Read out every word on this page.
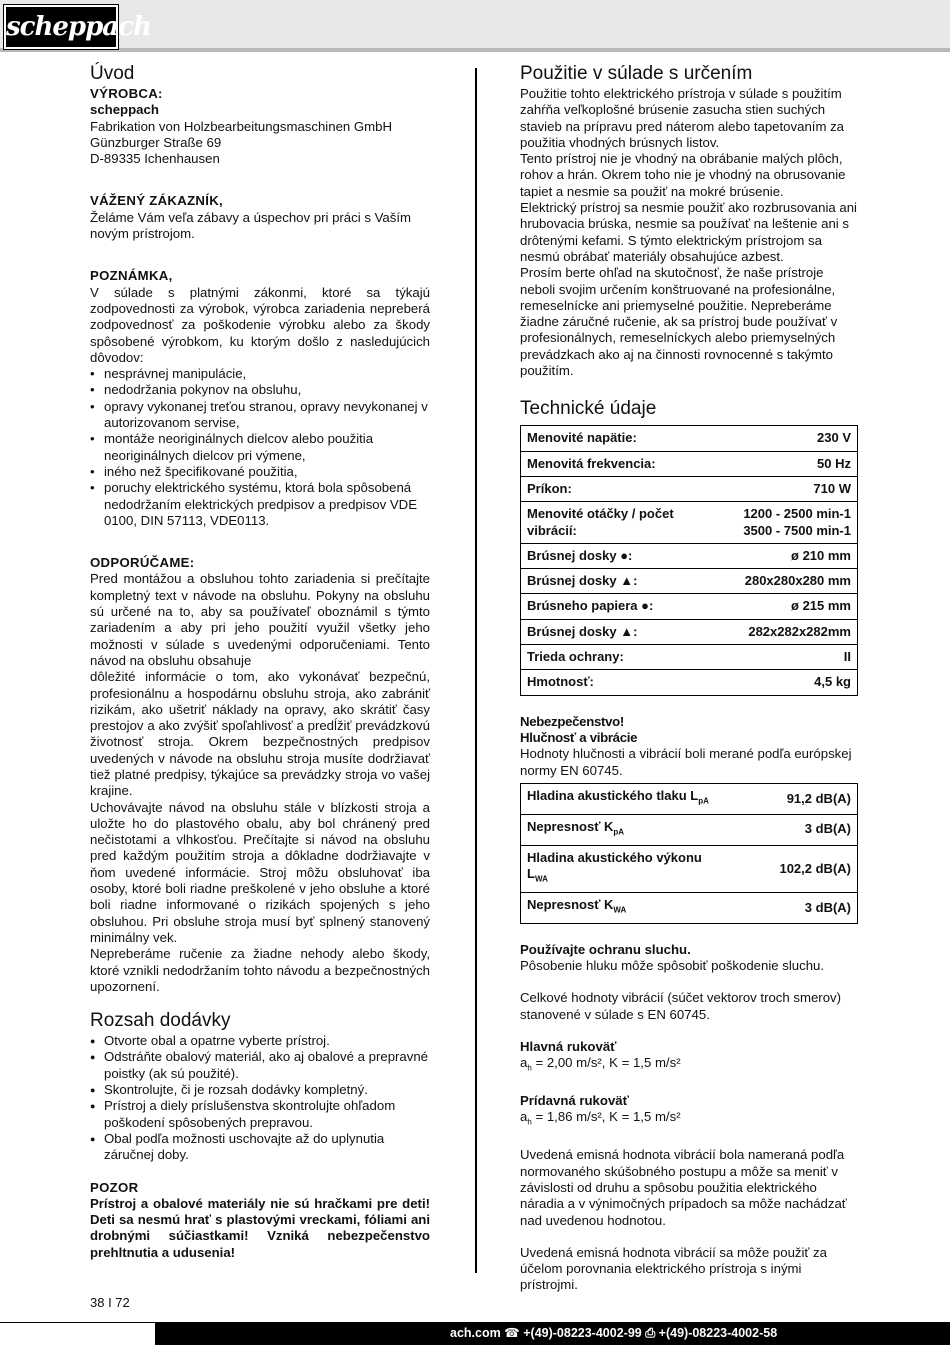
scheppach
Úvod
VÝROBCA:
scheppach
Fabrikation von Holzbearbeitungsmaschinen GmbH
Günzburger Straße 69
D-89335 Ichenhausen
VÁŽENÝ ZÁKAZNÍK,
Želáme Vám veľa zábavy a úspechov pri práci s Vaším novým prístrojom.
POZNÁMKA,
V súlade s platnými zákonmi, ktoré sa týkajú zodpovednosti za výrobok, výrobca zariadenia nepreberá zodpovednosť za poškodenie výrobku alebo za škody spôsobené výrobkom, ku ktorým došlo z nasledujúcich dôvodov:
• nesprávnej manipulácie,
• nedodržania pokynov na obsluhu,
• opravy vykonanej treťou stranou, opravy nevykonanej v autorizovanom servise,
• montáže neoriginálnych dielcov alebo použitia neoriginálnych dielcov pri výmene,
• iného než špecifikované použitia,
• poruchy elektrického systému, ktorá bola spôsobená nedodržaním elektrických predpisov a predpisov VDE 0100, DIN 57113, VDE0113.
ODPORÚČAME:
Pred montážou a obsluhou tohto zariadenia si prečítajte kompletný text v návode na obsluhu. Pokyny na obsluhu sú určené na to, aby sa používateľ oboznámil s týmto zariadením a aby pri jeho použití využil všetky jeho možnosti v súlade s uvedenými odporučeniami. Tento návod na obsluhu obsahuje
dôležité informácie o tom, ako vykonávať bezpečnú, profesionálnu a hospodárnu obsluhu stroja, ako zabrániť rizikám, ako ušetriť náklady na opravy, ako skrátiť časy prestojov a ako zvýšiť spoľahlivosť a predĺžiť prevádzkovú životnosť stroja. Okrem bezpečnostných predpisov uvedených v návode na obsluhu stroja musíte dodržiavať tiež platné predpisy, týkajúce sa prevádzky stroja vo vašej krajine.
Uchovávajte návod na obsluhu stále v blízkosti stroja a uložte ho do plastového obalu, aby bol chránený pred nečistotami a vlhkosťou. Prečítajte si návod na obsluhu pred každým použitím stroja a dôkladne dodržiavajte v ňom uvedené informácie. Stroj môžu obsluhovať iba osoby, ktoré boli riadne preškolené v jeho obsluhe a ktoré boli riadne informované o rizikách spojených s jeho obsluhou. Pri obsluhe stroja musí byť splnený stanovený minimálny vek.
Nepreberáme ručenie za žiadne nehody alebo škody, ktoré vznikli nedodržaním tohto návodu a bezpečnostných upozornení.
Rozsah dodávky
● Otvorte obal a opatrne vyberte prístroj.
● Odstráňte obalový materiál, ako aj obalové a prepravné poistky (ak sú použité).
● Skontrolujte, či je rozsah dodávky kompletný.
● Prístroj a diely príslušenstva skontrolujte ohľadom poškodení spôsobených prepravou.
● Obal podľa možnosti uschovajte až do uplynutia záručnej doby.
POZOR
Prístroj a obalové materiály nie sú hračkami pre deti! Deti sa nesmú hrať s plastovými vreckami, fóliami ani drobnými súčiastkami! Vzniká nebezpečenstvo prehltnutia a udusenia!
Použitie v súlade s určením
Použitie tohto elektrického prístroja v súlade s použitím zahŕňa veľkoplošné brúsenie zasucha stien suchých stavieb na prípravu pred náterom alebo tapetovaním za použitia vhodných brúsnych listov.
Tento prístroj nie je vhodný na obrábanie malých plôch, rohov a hrán. Okrem toho nie je vhodný na obrusovanie tapiet a nesmie sa použiť na mokré brúsenie.
Elektrický prístroj sa nesmie použiť ako rozbrusovania ani hrubovacia brúska, nesmie sa používať na leštenie ani s drôtenými kefami. S týmto elektrickým prístrojom sa nesmú obrábať materiály obsahujúce azbest.
Prosím berte ohľad na skutočnosť, že naše prístroje neboli svojim určením konštruované na profesionálne, remeselnícke ani priemyselné použitie. Nepreberáme žiadne záručné ručenie, ak sa prístroj bude používať v profesionálnych, remeselníckych alebo priemyselných prevádzkach ako aj na činnosti rovnocenné s takýmto použitím.
Technické údaje
Menovité napätie:	230 V
Menovitá frekvencia:	50 Hz
Príkon:	710 W
Menovité otáčky / počet vibrácií:	1200 - 2500 min-1
3500 - 7500 min-1

Brúsnej dosky ●:	ø 210 mm
Brúsnej dosky ▲:	280x280x280 mm
Brúsneho papiera ●:	ø 215 mm
Brúsnej dosky ▲:	282x282x282mm
Trieda ochrany:	II
Hmotnosť:	4,5 kg
Nebezpečenstvo!
Hlučnosť a vibrácie
Hodnoty hlučnosti a vibrácií boli merané podľa európskej normy EN 60745.
Hladina akustického tlaku $L_{pA}$	91,2 dB(A)
Nepresnosť $K_{pA}$	3 dB(A)
Hladina akustického výkonu $L_{WA}$	102,2 dB(A)
Nepresnosť $K_{WA}$	3 dB(A)
Používajte ochranu sluchu.
Pôsobenie hluku môže spôsobiť poškodenie sluchu.
Celkové hodnoty vibrácií (súčet vektorov troch smerov) stanovené v súlade s EN 60745.
Hlavná rukoväť
$a_h = 2,00$ m/s², K = 1,5 m/s²
Prídavná rukoväť
$a_h = 1,86$ m/s², K = 1,5 m/s²
Uvedená emisná hodnota vibrácií bola nameraná podľa normovaného skúšobného postupu a môže sa meniť v závislosti od druhu a spôsobu použitia elektrického náradia a v výnimočných prípadoch sa môže nachádzať nad uvedenou hodnotou.
Uvedená emisná hodnota vibrácií sa môže použiť za účelom porovnania elektrického prístroja s inými prístrojmi.
38 I 72
ach.com ☎ +(49)-08223-4002-99 ⎙ +(49)-08223-4002-58
